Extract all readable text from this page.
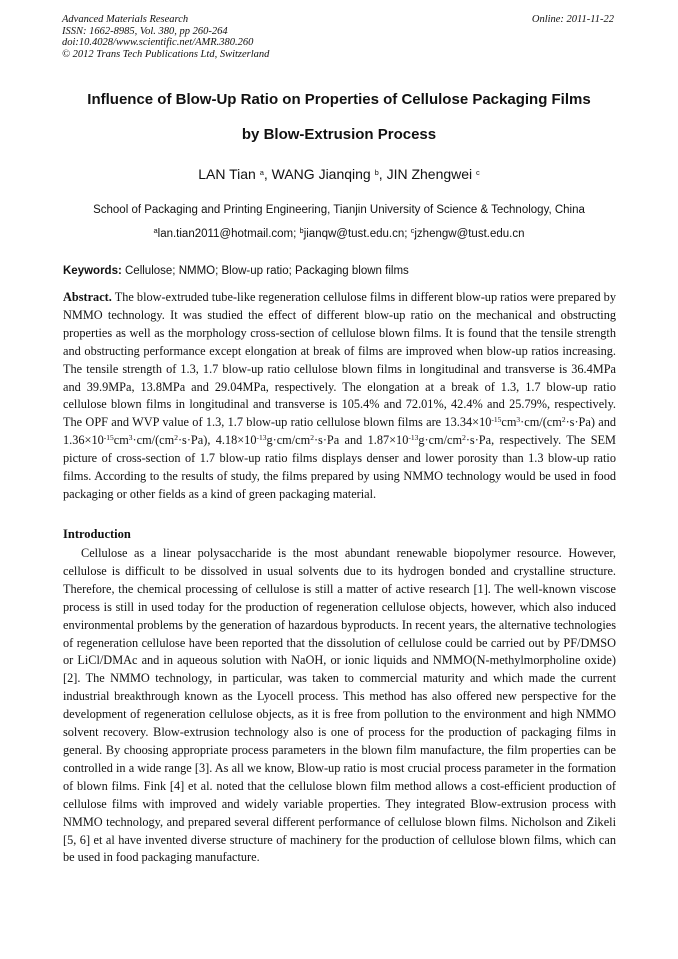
Advanced Materials Research
ISSN: 1662-8985, Vol. 380, pp 260-264
doi:10.4028/www.scientific.net/AMR.380.260
© 2012 Trans Tech Publications Ltd, Switzerland
Online: 2011-11-22
Influence of Blow-Up Ratio on Properties of Cellulose Packaging Films
by Blow-Extrusion Process
LAN Tian $^a$, WANG Jianqing $^b$, JIN Zhengwei $^c$
School of Packaging and Printing Engineering, Tianjin University of Science & Technology, China
$^a$lan.tian2011@hotmail.com; $^b$jianqw@tust.edu.cn; $^c$jzhengw@tust.edu.cn
Keywords: Cellulose; NMMO; Blow-up ratio; Packaging blown films
Abstract. The blow-extruded tube-like regeneration cellulose films in different blow-up ratios were prepared by NMMO technology. It was studied the effect of different blow-up ratio on the mechanical and obstructing properties as well as the morphology cross-section of cellulose blown films. It is found that the tensile strength and obstructing performance except elongation at break of films are improved when blow-up ratios increasing. The tensile strength of 1.3, 1.7 blow-up ratio cellulose blown films in longitudinal and transverse is 36.4MPa and 39.9MPa, 13.8MPa and 29.04MPa, respectively. The elongation at a break of 1.3, 1.7 blow-up ratio cellulose blown films in longitudinal and transverse is 105.4% and 72.01%, 42.4% and 25.79%, respectively. The OPF and WVP value of 1.3, 1.7 blow-up ratio cellulose blown films are $13.34\times 10^{-15}cm^3\cdot cm/(cm^2\cdot s\cdot Pa)$ and $1.36\times 10^{-15}cm^3\cdot cm/(cm^2\cdot s\cdot Pa)$, $4.18\times 10^{-13}g\cdot cm/cm^2\cdot s\cdot Pa$ and $1.87\times 10^{-13}g\cdot cm/cm^2\cdot s\cdot Pa$, respectively. The SEM picture of cross-section of 1.7 blow-up ratio films displays denser and lower porosity than 1.3 blow-up ratio films. According to the results of study, the films prepared by using NMMO technology would be used in food packaging or other fields as a kind of green packaging material.
Introduction
Cellulose as a linear polysaccharide is the most abundant renewable biopolymer resource. However, cellulose is difficult to be dissolved in usual solvents due to its hydrogen bonded and crystalline structure. Therefore, the chemical processing of cellulose is still a matter of active research [1]. The well-known viscose process is still in used today for the production of regeneration cellulose objects, however, which also induced environmental problems by the generation of hazardous byproducts. In recent years, the alternative technologies of regeneration cellulose have been reported that the dissolution of cellulose could be carried out by PF/DMSO or LiCl/DMAc and in aqueous solution with NaOH, or ionic liquids and NMMO(N-methylmorpholine oxide) [2]. The NMMO technology, in particular, was taken to commercial maturity and which made the current industrial breakthrough known as the Lyocell process. This method has also offered new perspective for the development of regeneration cellulose objects, as it is free from pollution to the environment and high NMMO solvent recovery. Blow-extrusion technology also is one of process for the production of packaging films in general. By choosing appropriate process parameters in the blown film manufacture, the film properties can be controlled in a wide range [3]. As all we know, Blow-up ratio is most crucial process parameter in the formation of blown films. Fink [4] et al. noted that the cellulose blown film method allows a cost-efficient production of cellulose films with improved and widely variable properties. They integrated Blow-extrusion process with NMMO technology, and prepared several different performance of cellulose blown films. Nicholson and Zikeli [5, 6] et al have invented diverse structure of machinery for the production of cellulose blown films, which can be used in food packaging manufacture.
